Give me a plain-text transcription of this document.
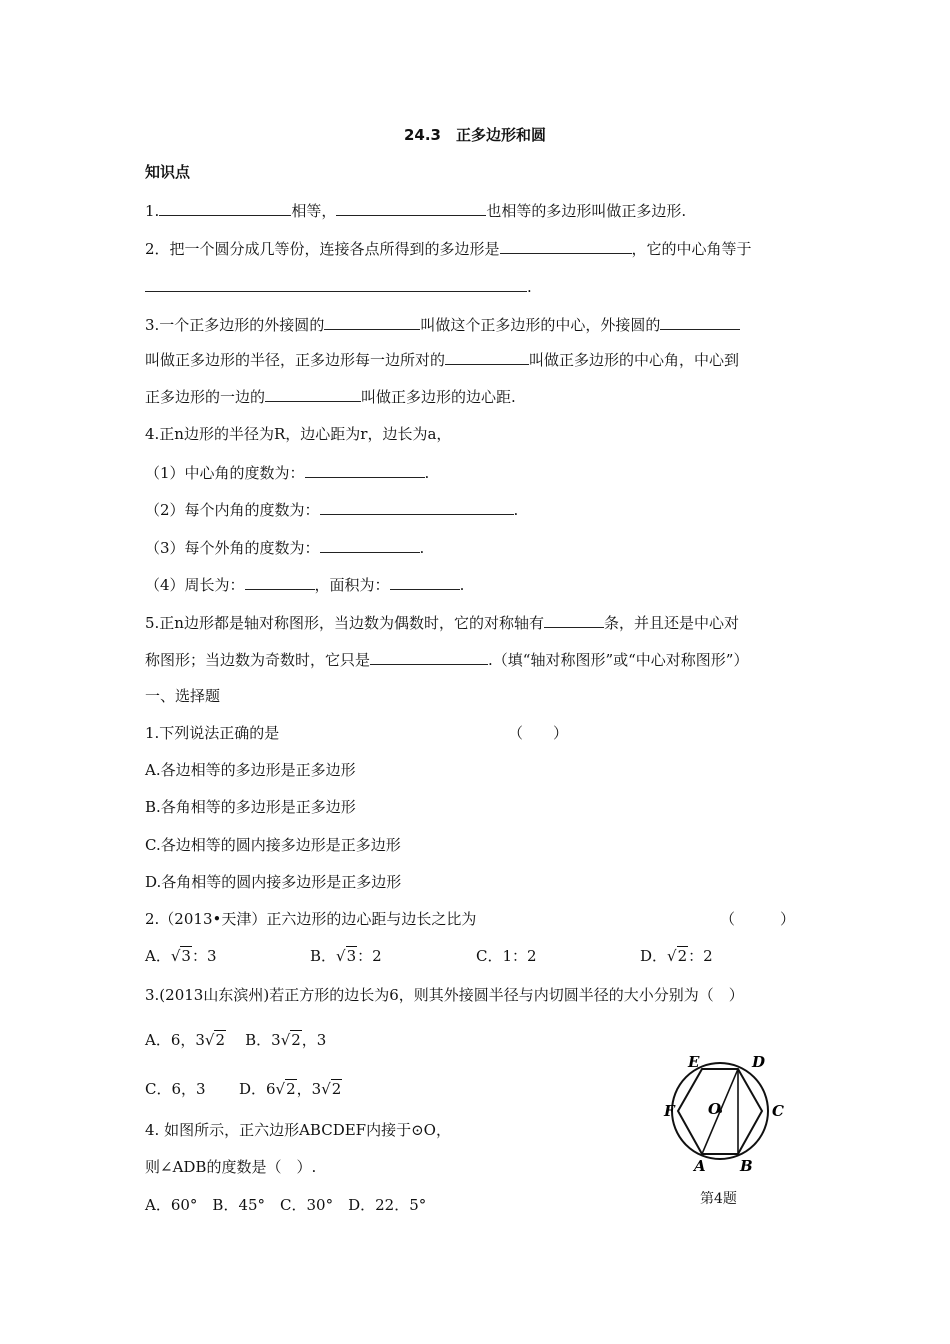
24.3　正多边形和圆
知识点
1.	相等，	也相等的多边形叫做正多边形.
2．把一个圆分成几等份，连接各点所得到的多边形是	，它的中心角等于
.
3.一个正多边形的外接圆的	叫做这个正多边形的中心，外接圆的
叫做正多边形的半径，正多边形每一边所对的	叫做正多边形的中心角，中心到
正多边形的一边的	叫做正多边形的边心距.
4.正n边形的半径为R，边心距为r，边长为a，
（1）中心角的度数为：	.
（2）每个内角的度数为：	.
（3）每个外角的度数为：	.
（4）周长为：	，面积为：	.
5.正n边形都是轴对称图形，当边数为偶数时，它的对称轴有	条，并且还是中心对
称图形；当边数为奇数时，它只是	.（填“轴对称图形”或“中心对称图形”）
一、选择题
1.下列说法正确的是	（　　）
A.各边相等的多边形是正多边形
B.各角相等的多边形是正多边形
C.各边相等的圆内接多边形是正多边形
D.各角相等的圆内接多边形是正多边形
2.（2013•天津）正六边形的边心距与边长之比为	（　　　）
A．√3：3	B．√3：2	C．1：2	D．√2：2
3.(2013山东滨州)若正方形的边长为6，则其外接圆半径与内切圆半径的大小分别为（　）
A．6，3√2 B．3√2，3
C．6，3 D．6√2，3√2
4. 如图所示，正六边形ABCDEF内接于⊙O，
则∠ADB的度数是（　）.
A．60°　B．45°　C．30°　D．22．5°
E	D
F O	C
A B
第4题
